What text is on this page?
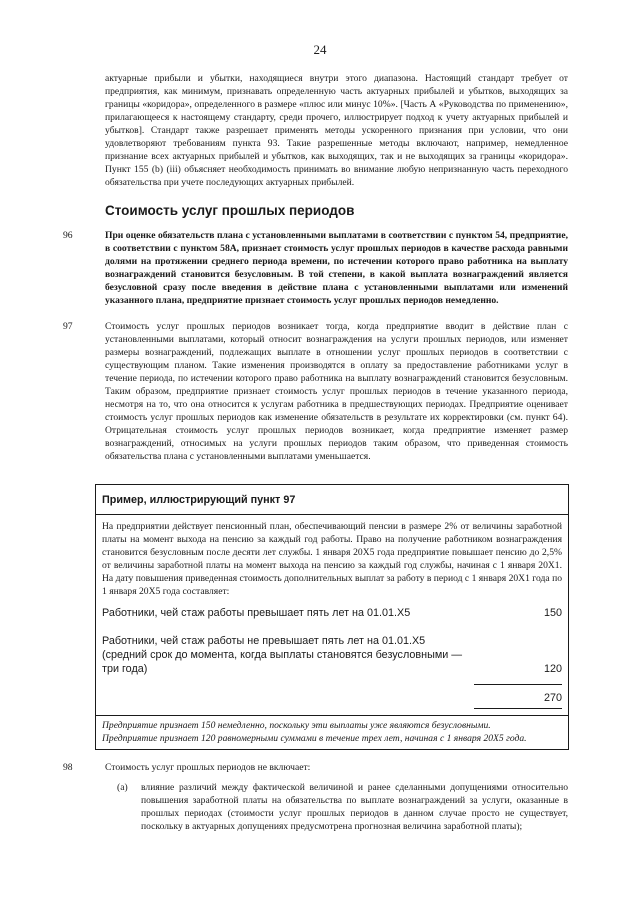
24
актуарные прибыли и убытки, находящиеся внутри этого диапазона. Настоящий стандарт требует от предприятия, как минимум, признавать определенную часть актуарных прибылей и убытков, выходящих за границы «коридора», определенного в размере «плюс или минус 10%». [Часть А «Руководства по применению», прилагающееся к настоящему стандарту, среди прочего, иллюстрирует подход к учету актуарных прибылей и убытков]. Стандарт также разрешает применять методы ускоренного признания при условии, что они удовлетворяют требованиям пункта 93. Такие разрешенные методы включают, например, немедленное признание всех актуарных прибылей и убытков, как выходящих, так и не выходящих за границы «коридора». Пункт 155 (b) (iii) объясняет необходимость принимать во внимание любую непризнанную часть переходного обязательства при учете последующих актуарных прибылей.
Стоимость услуг прошлых периодов
96	При оценке обязательств плана с установленными выплатами в соответствии с пунктом 54, предприятие, в соответствии с пунктом 58А, признает стоимость услуг прошлых периодов в качестве расхода равными долями на протяжении среднего периода времени, по истечении которого право работника на выплату вознаграждений становится безусловным. В той степени, в какой выплата вознаграждений является безусловной сразу после введения в действие плана с установленными выплатами или изменений указанного плана, предприятие признает стоимость услуг прошлых периодов немедленно.
97	Стоимость услуг прошлых периодов возникает тогда, когда предприятие вводит в действие план с установленными выплатами, который относит вознаграждения на услуги прошлых периодов, или изменяет размеры вознаграждений, подлежащих выплате в отношении услуг прошлых периодов в соответствии с существующим планом. Такие изменения производятся в оплату за предоставление работниками услуг в течение периода, по истечении которого право работника на выплату вознаграждений становится безусловным. Таким образом, предприятие признает стоимость услуг прошлых периодов в течение указанного периода, несмотря на то, что она относится к услугам работника в предшествующих периодах. Предприятие оценивает стоимость услуг прошлых периодов как изменение обязательств в результате их корректировки (см. пункт 64). Отрицательная стоимость услуг прошлых периодов возникает, когда предприятие изменяет размер вознаграждений, относимых на услуги прошлых периодов таким образом, что приведенная стоимость обязательства плана с установленными выплатами уменьшается.
Пример, иллюстрирующий пункт 97
На предприятии действует пенсионный план, обеспечивающий пенсии в размере 2% от величины заработной платы на момент выхода на пенсию за каждый год работы. Право на получение работником вознаграждения становится безусловным после десяти лет службы. 1 января 20Х5 года предприятие повышает пенсию до 2,5% от величины заработной платы на момент выхода на пенсию за каждый год службы, начиная с 1 января 20Х1. На дату повышения приведенная стоимость дополнительных выплат за работу в период с 1 января 20Х1 года по 1 января 20Х5 года составляет:
Работники, чей стаж работы превышает пять лет на 01.01.Х5	150
Работники, чей стаж работы не превышает пять лет на 01.01.Х5 (средний срок до момента, когда выплаты становятся безусловными — три года)	120
270
Предприятие признает 150 немедленно, поскольку эти выплаты уже являются безусловными.
Предприятие признает 120 равномерными суммами в течение трех лет, начиная с 1 января 20Х5 года.
98	Стоимость услуг прошлых периодов не включает:
(а) влияние различий между фактической величиной и ранее сделанными допущениями относительно повышения заработной платы на обязательства по выплате вознаграждений за услуги, оказанные в прошлых периодах (стоимости услуг прошлых периодов в данном случае просто не существует, поскольку в актуарных допущениях предусмотрена прогнозная величина заработной платы);
